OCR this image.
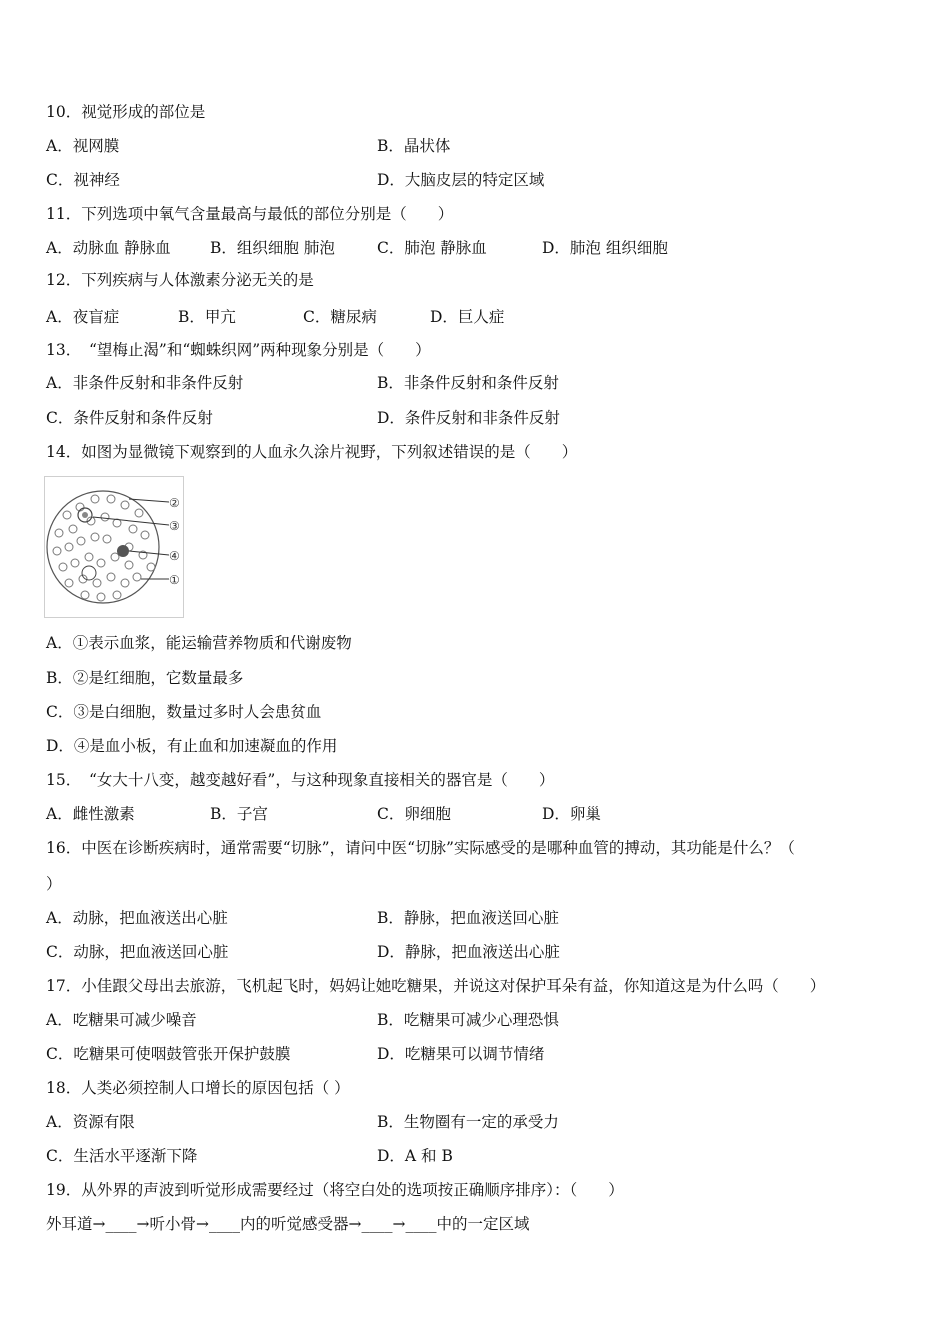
10．视觉形成的部位是
A．视网膜	B．晶状体
C．视神经	D．大脑皮层的特定区域
11．下列选项中氧气含量最高与最低的部位分别是（　　）
A．动脉血 静脉血	B．组织细胞 肺泡	C．肺泡 静脉血	D．肺泡 组织细胞
12．下列疾病与人体激素分泌无关的是
A．夜盲症	B．甲亢	C．糖尿病	D．巨人症
13．　“望梅止渴”和“蜘蛛织网”两种现象分别是（　　）
A．非条件反射和非条件反射	B．非条件反射和条件反射
C．条件反射和条件反射	D．条件反射和非条件反射
14．如图为显微镜下观察到的人血永久涂片视野，下列叙述错误的是（　　）
②
③
④
①
A．①表示血浆，能运输营养物质和代谢废物
B．②是红细胞，它数量最多
C．③是白细胞，数量过多时人会患贫血
D．④是血小板，有止血和加速凝血的作用
15．　“女大十八变，越变越好看”，与这种现象直接相关的器官是（　　）
A．雌性激素	B．子宫	C．卵细胞	D．卵巢
16．中医在诊断疾病时，通常需要“切脉”，请问中医“切脉”实际感受的是哪种血管的搏动，其功能是什么？（
）
A．动脉，把血液送出心脏	B．静脉，把血液送回心脏
C．动脉，把血液送回心脏	D．静脉，把血液送出心脏
17．小佳跟父母出去旅游，飞机起飞时，妈妈让她吃糖果，并说这对保护耳朵有益，你知道这是为什么吗（　　）
A．吃糖果可减少噪音	B．吃糖果可减少心理恐惧
C．吃糖果可使咽鼓管张开保护鼓膜	D．吃糖果可以调节情绪
18．人类必须控制人口增长的原因包括（ ）
A．资源有限	B．生物圈有一定的承受力
C．生活水平逐渐下降	D．A 和 B
19．从外界的声波到听觉形成需要经过（将空白处的选项按正确顺序排序）：（　　）
外耳道→____→听小骨→____内的听觉感受器→____→____中的一定区域
